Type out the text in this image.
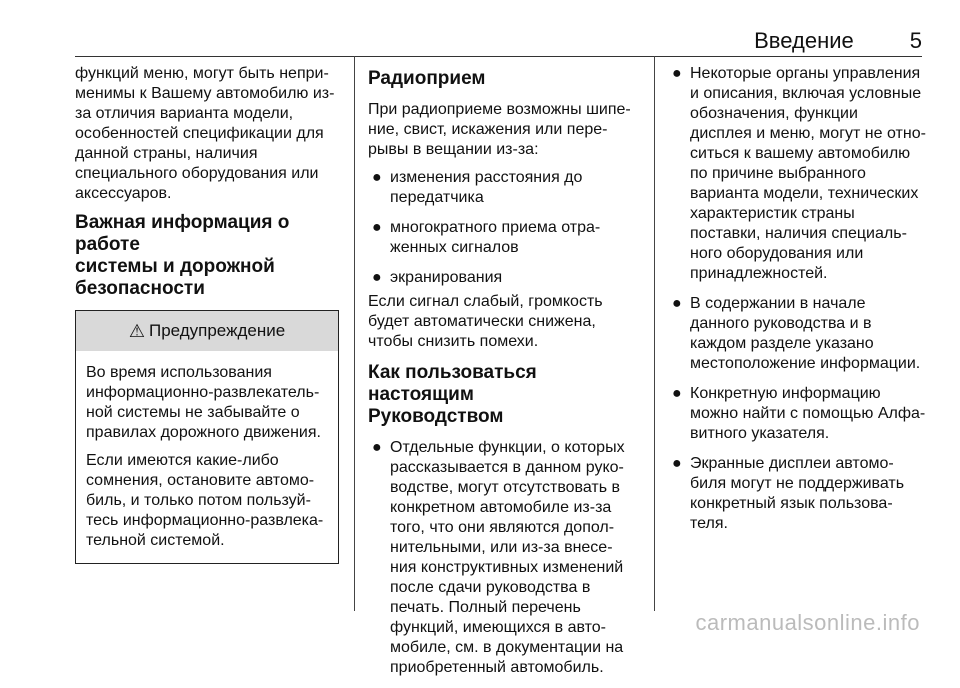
Введение	5

функций меню, могут быть непри-
менимы к Вашему автомобилю из-
за отличия варианта модели,
особенностей спецификации для
данной страны, наличия
специального оборудования или
аксессуаров.

Важная информация о работе
системы и дорожной
безопасности
⚠ Предупреждение

Во время использования
информационно-развлекатель-
ной системы не забывайте о
правилах дорожного движения.

Если имеются какие-либо
сомнения, остановите автомо-
биль, и только потом пользуй-
тесь информационно-развлека-
тельной системой.

Радиоприем

При радиоприеме возможны шипе-
ние, свист, искажения или пере-
рывы в вещании из-за:

● изменения расстояния до
передатчика
● многократного приема отра-
женных сигналов
● экранирования

Если сигнал слабый, громкость
будет автоматически снижена,
чтобы снизить помехи.

Как пользоваться настоящим
Руководством
● Отдельные функции, о которых
рассказывается в данном руко-
водстве, могут отсутствовать в
конкретном автомобиле из-за
того, что они являются допол-
нительными, или из-за внесе-
ния конструктивных изменений
после сдачи руководства в
печать. Полный перечень
функций, имеющихся в авто-
мобиле, см. в документации на
приобретенный автомобиль.
● Некоторые органы управления
и описания, включая условные
обозначения, функции
дисплея и меню, могут не отно-
ситься к вашему автомобилю
по причине выбранного
варианта модели, технических
характеристик страны
поставки, наличия специаль-
ного оборудования или
принадлежностей.
● В содержании в начале
данного руководства и в
каждом разделе указано
местоположение информации.
● Конкретную информацию
можно найти с помощью Алфа-
витного указателя.
● Экранные дисплеи автомо-
биля могут не поддерживать
конкретный язык пользова-
теля.
carmanualsonline.info
